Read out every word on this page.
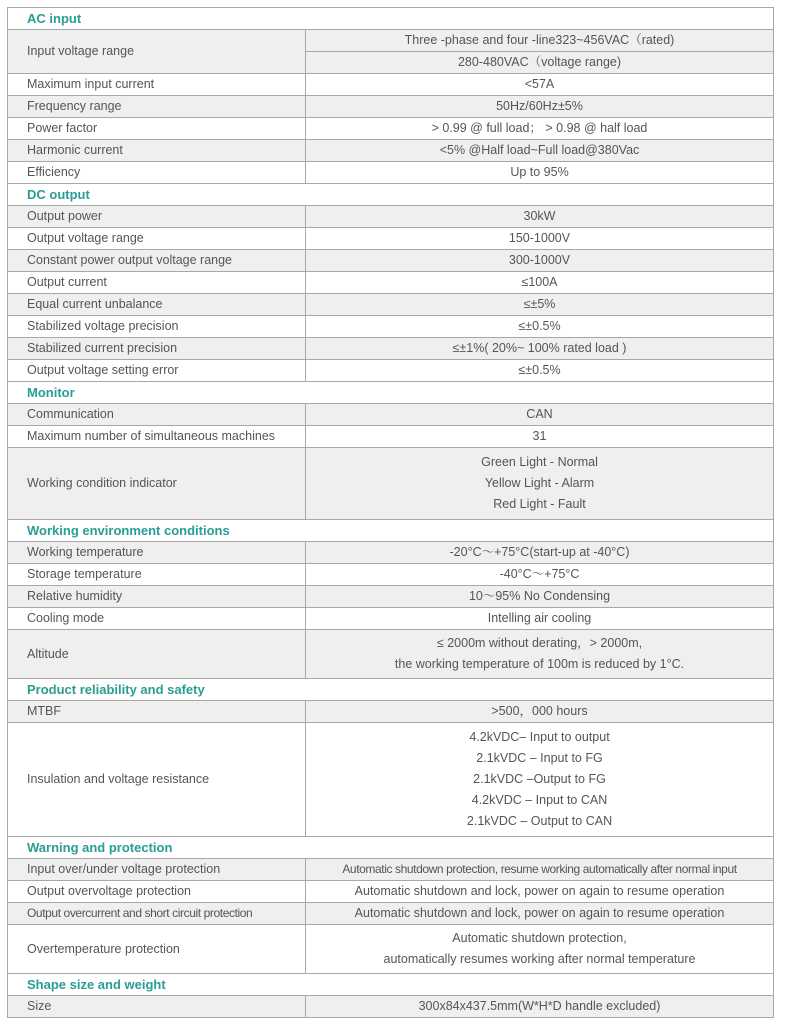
AC input	
Input voltage range	Three -phase and four -line323~456VAC（rated)
	280-480VAC（voltage range)
Maximum input current	<57A
Frequency range	50Hz/60Hz±5%
Power factor	> 0.99 @ full load； > 0.98 @ half load
Harmonic current	<5% @Half load~Full load@380Vac
Efficiency	Up to 95%
DC output	
Output power	30kW
Output voltage range	150-1000V
Constant power output voltage range	300-1000V
Output current	≤100A
Equal current unbalance	≤±5%
Stabilized voltage precision	≤±0.5%
Stabilized current precision	≤±1%( 20%~ 100% rated load )
Output voltage setting error	≤±0.5%
Monitor	
Communication	CAN
Maximum number of simultaneous machines	31
Working condition indicator	Green Light - Normal
Yellow Light - Alarm
Red Light - Fault

Working environment conditions	
Working temperature	-20°C～+75°C(start-up at -40°C)
Storage temperature	-40°C～+75°C
Relative humidity	10～95% No Condensing
Cooling mode	Intelling air cooling
Altitude	≤ 2000m without derating，> 2000m,
the working temperature of 100m is reduced by 1°C.

Product reliability and safety	
MTBF	>500，000 hours
Insulation and voltage resistance	4.2kVDC– Input to output
2.1kVDC – Input to FG
2.1kVDC –Output to FG
4.2kVDC – Input to CAN
2.1kVDC – Output to CAN

Warning and protection	
Input over/under voltage protection	Automatic shutdown protection, resume working automatically after normal input
Output overvoltage protection	Automatic shutdown and lock, power on again to resume operation
Output overcurrent and short circuit protection	Automatic shutdown and lock, power on again to resume operation
Overtemperature protection	Automatic shutdown protection,
automatically resumes working after normal temperature

Shape size and weight	
Size	300x84x437.5mm(W*H*D handle excluded)
